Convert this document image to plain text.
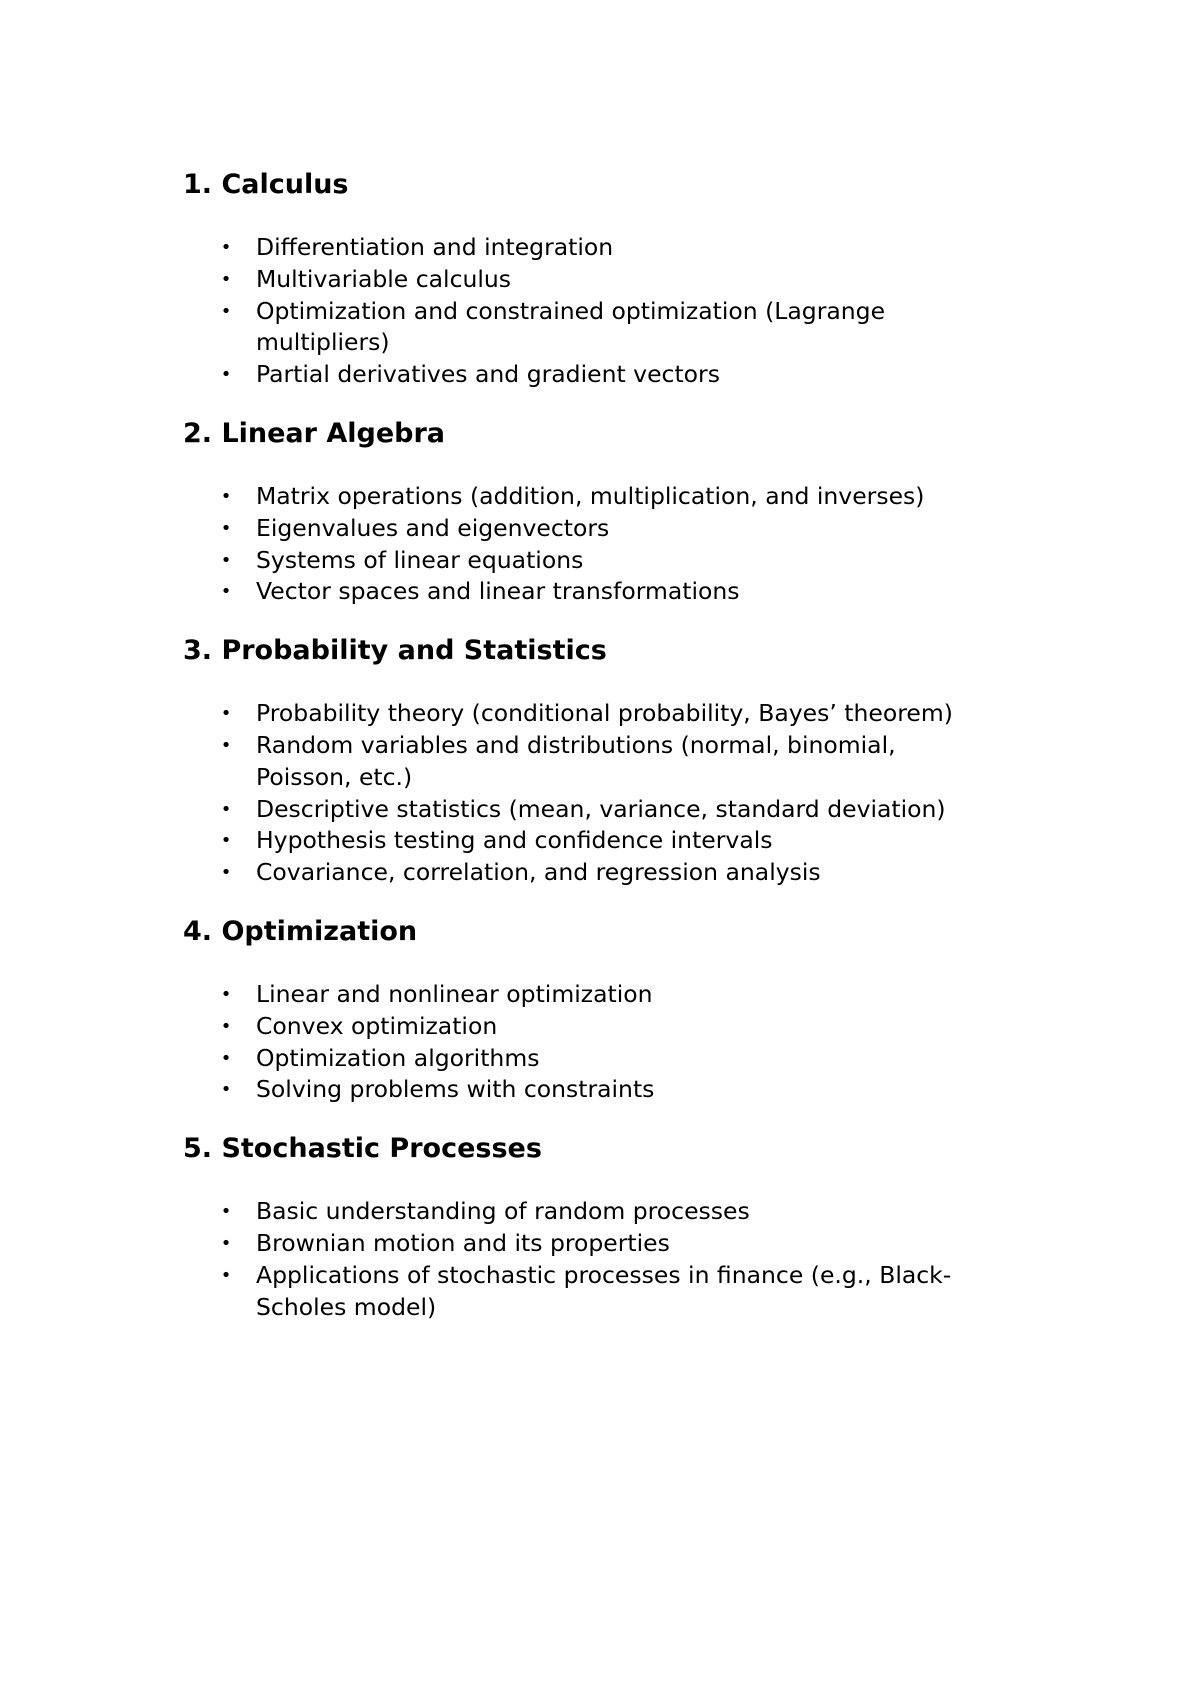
1. Calculus
• Differentiation and integration
• Multivariable calculus
• Optimization and constrained optimization (Lagrange multipliers)
• Partial derivatives and gradient vectors
2. Linear Algebra
• Matrix operations (addition, multiplication, and inverses)
• Eigenvalues and eigenvectors
• Systems of linear equations
• Vector spaces and linear transformations
3. Probability and Statistics
• Probability theory (conditional probability, Bayes’ theorem)
• Random variables and distributions (normal, binomial, Poisson, etc.)
• Descriptive statistics (mean, variance, standard deviation)
• Hypothesis testing and confidence intervals
• Covariance, correlation, and regression analysis
4. Optimization
• Linear and nonlinear optimization
• Convex optimization
• Optimization algorithms
• Solving problems with constraints
5. Stochastic Processes
• Basic understanding of random processes
• Brownian motion and its properties
• Applications of stochastic processes in finance (e.g., Black-Scholes model)
